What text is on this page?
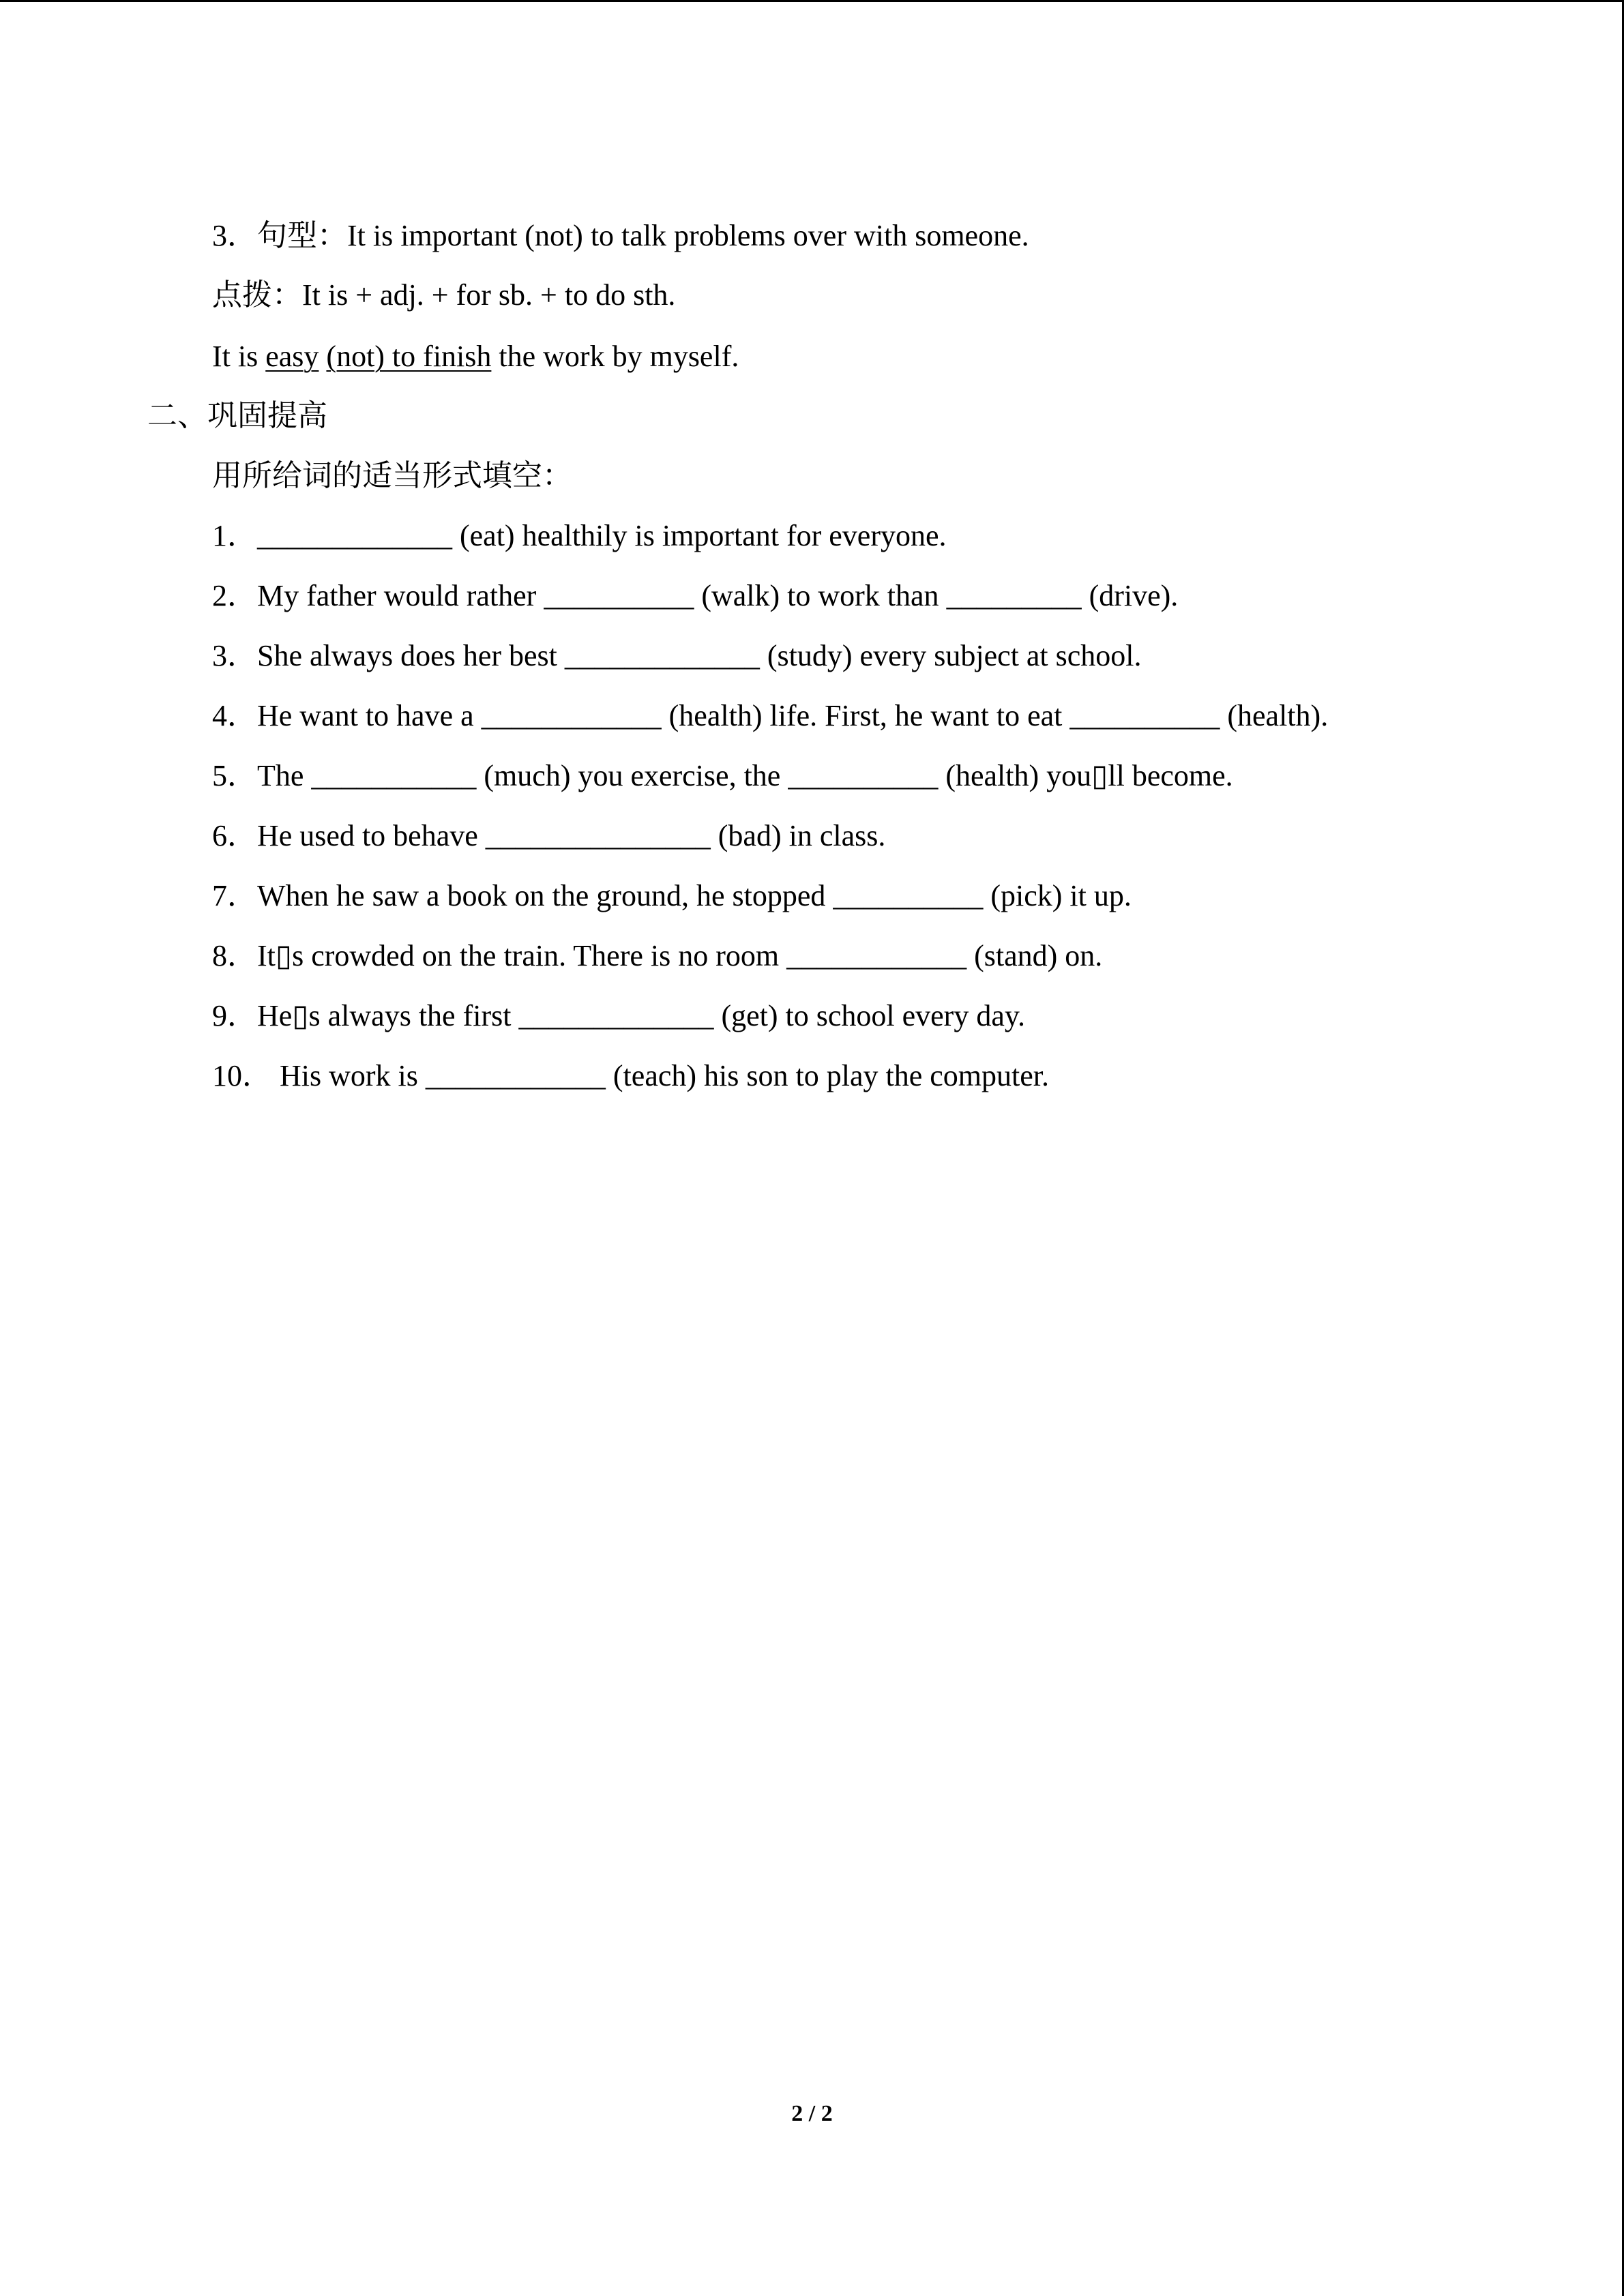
3．句型：It is important (not) to talk problems over with someone.
点拨：It is + adj. + for sb. + to do sth.
It is easy (not) to finish the work by myself.
二、巩固提高
用所给词的适当形式填空：
1．_____________ (eat) healthily is important for everyone.
2．My father would rather __________ (walk) to work than _________ (drive).
3．She always does her best _____________ (study) every subject at school.
4．He want to have a ____________ (health) life. First, he want to eat __________ (health).
5．The ___________ (much) you exercise, the __________ (health) you▯ll become.
6．He used to behave _______________ (bad) in class.
7．When he saw a book on the ground, he stopped __________ (pick) it up.
8．It▯s crowded on the train. There is no room ____________ (stand) on.
9．He▯s always the first _____________ (get) to school every day.
10． His work is ____________ (teach) his son to play the computer.
2 / 2
